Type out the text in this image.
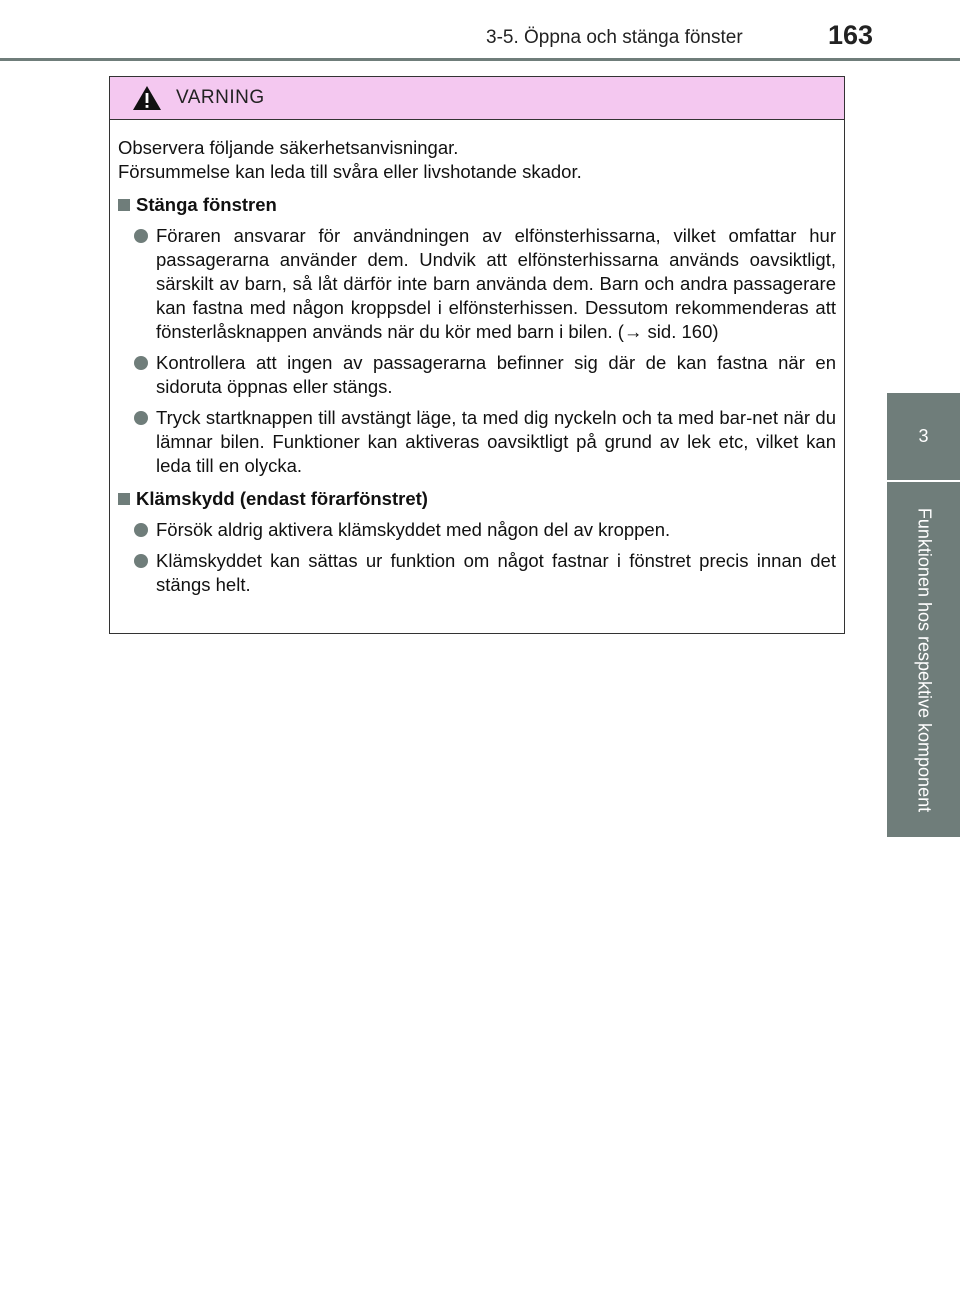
3-5. Öppna och stänga fönster	163
3
Funktionen hos respektive komponent
VARNING

Observera följande säkerhetsanvisningar.

Försummelse kan leda till svåra eller livshotande skador.

Stänga fönstren
Föraren ansvarar för användningen av elfönsterhissarna, vilket omfattar hur passagerarna använder dem. Undvik att elfönsterhissarna används oavsiktligt, särskilt av barn, så låt därför inte barn använda dem. Barn och andra passagerare kan fastna med någon kroppsdel i elfönsterhissen. Dessutom rekommenderas att fönsterlåsknappen används när du kör med barn i bilen. (→ sid. 160)
Kontrollera att ingen av passagerarna befinner sig där de kan fastna när en sidoruta öppnas eller stängs.
Tryck startknappen till avstängt läge, ta med dig nyckeln och ta med bar-net när du lämnar bilen. Funktioner kan aktiveras oavsiktligt på grund av lek etc, vilket kan leda till en olycka.
Klämskydd (endast förarfönstret)
Försök aldrig aktivera klämskyddet med någon del av kroppen.
Klämskyddet kan sättas ur funktion om något fastnar i fönstret precis innan det stängs helt.
